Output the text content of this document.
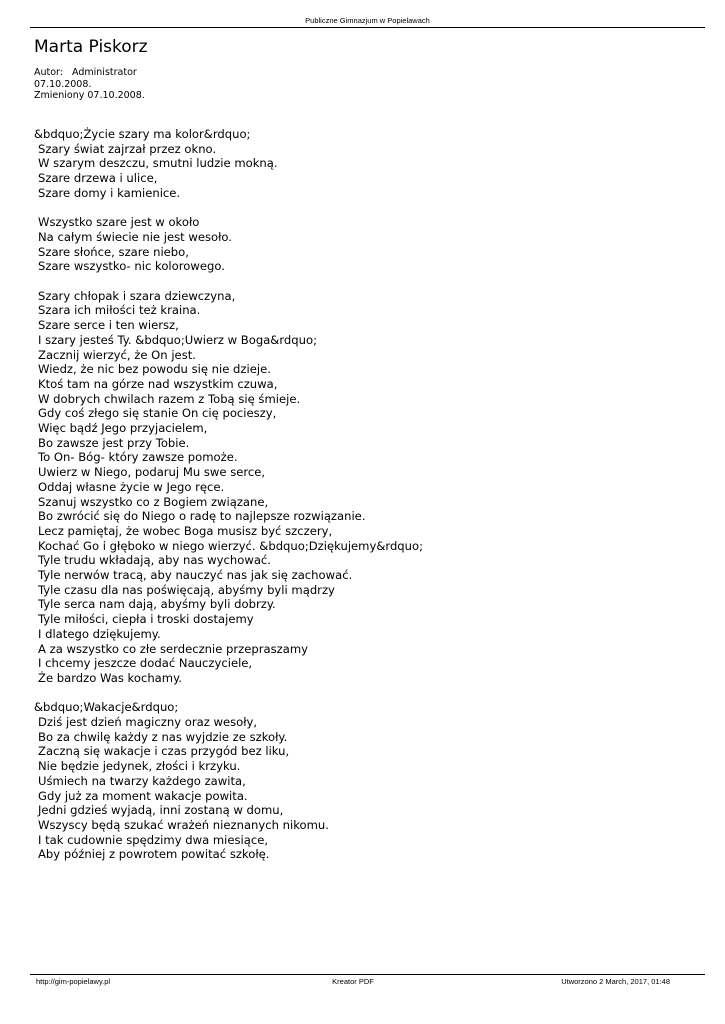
Publiczne Gimnazjum w Popielawach
Marta Piskorz
Autor: Administrator
07.10.2008.
Zmieniony 07.10.2008.
&bdquo;Życie szary ma kolor&rdquo;
Szary świat zajrzał przez okno.
W szarym deszczu, smutni ludzie mokną.
Szare drzewa i ulice,
Szare domy i kamienice.
Wszystko szare jest w około
Na całym świecie nie jest wesoło.
Szare słońce, szare niebo,
Szare wszystko- nic kolorowego.
Szary chłopak i szara dziewczyna,
Szara ich miłości też kraina.
Szare serce i ten wiersz,
I szary jesteś Ty. &bdquo;Uwierz w Boga&rdquo;
Zacznij wierzyć, że On jest.
Wiedz, że nic bez powodu się nie dzieje.
Ktoś tam na górze nad wszystkim czuwa,
W dobrych chwilach razem z Tobą się śmieje.
Gdy coś złego się stanie On cię pocieszy,
Więc bądź Jego przyjacielem,
Bo zawsze jest przy Tobie.
To On- Bóg- który zawsze pomoże.
Uwierz w Niego, podaruj Mu swe serce,
Oddaj własne życie w Jego ręce.
Szanuj wszystko co z Bogiem związane,
Bo zwrócić się do Niego o radę to najlepsze rozwiązanie.
Lecz pamiętaj, że wobec Boga musisz być szczery,
Kochać Go i głęboko w niego wierzyć. &bdquo;Dziękujemy&rdquo;
Tyle trudu wkładają, aby nas wychować.
Tyle nerwów tracą, aby nauczyć nas jak się zachować.
Tyle czasu dla nas poświęcają, abyśmy byli mądrzy
Tyle serca nam dają, abyśmy byli dobrzy.
Tyle miłości, ciepła i troski dostajemy
I dlatego dziękujemy.
A za wszystko co złe serdecznie przepraszamy
I chcemy jeszcze dodać Nauczyciele,
Że bardzo Was kochamy.
&bdquo;Wakacje&rdquo;
Dziś jest dzień magiczny oraz wesoły,
Bo za chwilę każdy z nas wyjdzie ze szkoły.
Zaczną się wakacje i czas przygód bez liku,
Nie będzie jedynek, złości i krzyku.
Uśmiech na twarzy każdego zawita,
Gdy już za moment wakacje powita.
Jedni gdzieś wyjadą, inni zostaną w domu,
Wszyscy będą szukać wrażeń nieznanych nikomu.
I tak cudownie spędzimy dwa miesiące,
Aby później z powrotem powitać szkołę.
http://gim-popielawy.pl	Kreator PDF	Utworzono 2 March, 2017, 01:48
